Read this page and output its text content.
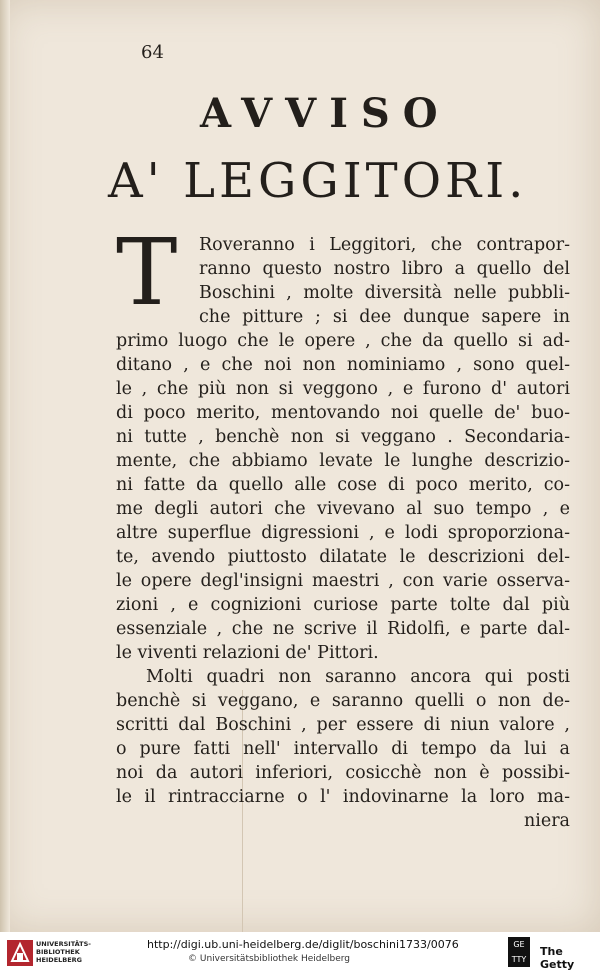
64
AVVISO
A' LEGGITORI.
T Roveranno i Leggitori, che contrapor-
ranno questo nostro libro a quello del
Boschini , molte diversità nelle pubbli-
che pitture ; si dee dunque sapere in
primo luogo che le opere , che da quello si ad-
ditano , e che noi non nominiamo , sono quel-
le , che più non si veggono , e furono d' autori
di poco merito, mentovando noi quelle de' buo-
ni tutte , benchè non si veggano . Secondaria-
mente, che abbiamo levate le lunghe descrizio-
ni fatte da quello alle cose di poco merito, co-
me degli autori che vivevano al suo tempo , e
altre superflue digressioni , e lodi sproporziona-
te, avendo piuttosto dilatate le descrizioni del-
le opere degl'insigni maestri , con varie osserva-
zioni , e cognizioni curiose parte tolte dal più
essenziale , che ne scrive il Ridolfi, e parte dal-
le viventi relazioni de' Pittori.
Molti quadri non saranno ancora qui posti
benchè si veggano, e saranno quelli o non de-
scritti dal Boschini , per essere di niun valore ,
o pure fatti nell' intervallo di tempo da lui a
noi da autori inferiori, cosicchè non è possibi-
le il rintracciarne o l' indovinarne la loro ma-
niera
UNIVERSITÄTS-
BIBLIOTHEK
HEIDELBERG
http://digi.ub.uni-heidelberg.de/diglit/boschini1733/0076
© Universitätsbibliothek Heidelberg
GE TTY
The Getty
